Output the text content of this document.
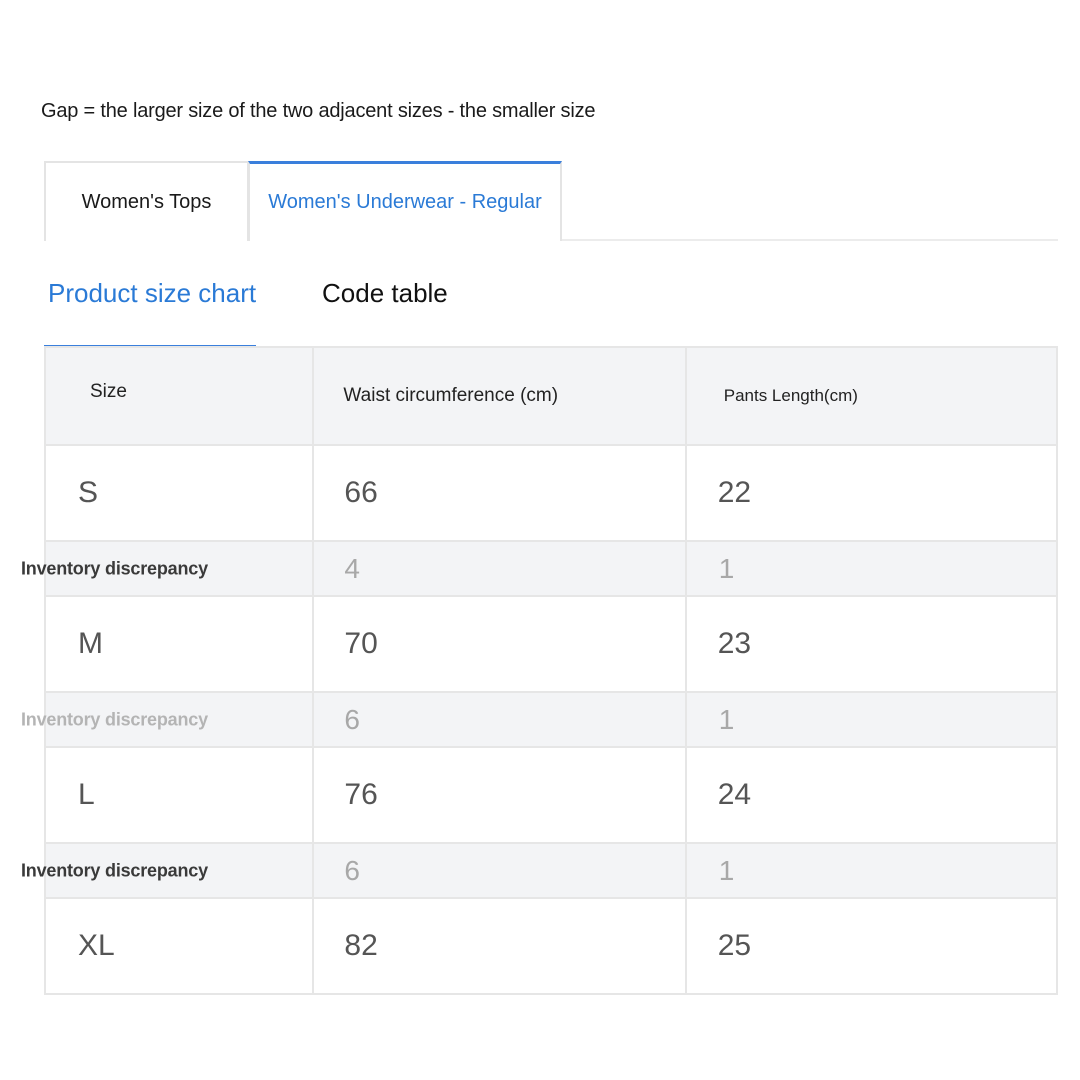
Gap = the larger size of the two adjacent sizes - the smaller size
Women's Tops	Women's Underwear - Regular
Product size chart	Code table
Size	Waist circumference (cm)	Pants Length(cm)
S	66	22

Inventory discrepancy	4	1
M	70	23

Inventory discrepancy	6	1
L	76	24

Inventory discrepancy	6	1
XL	82	25
